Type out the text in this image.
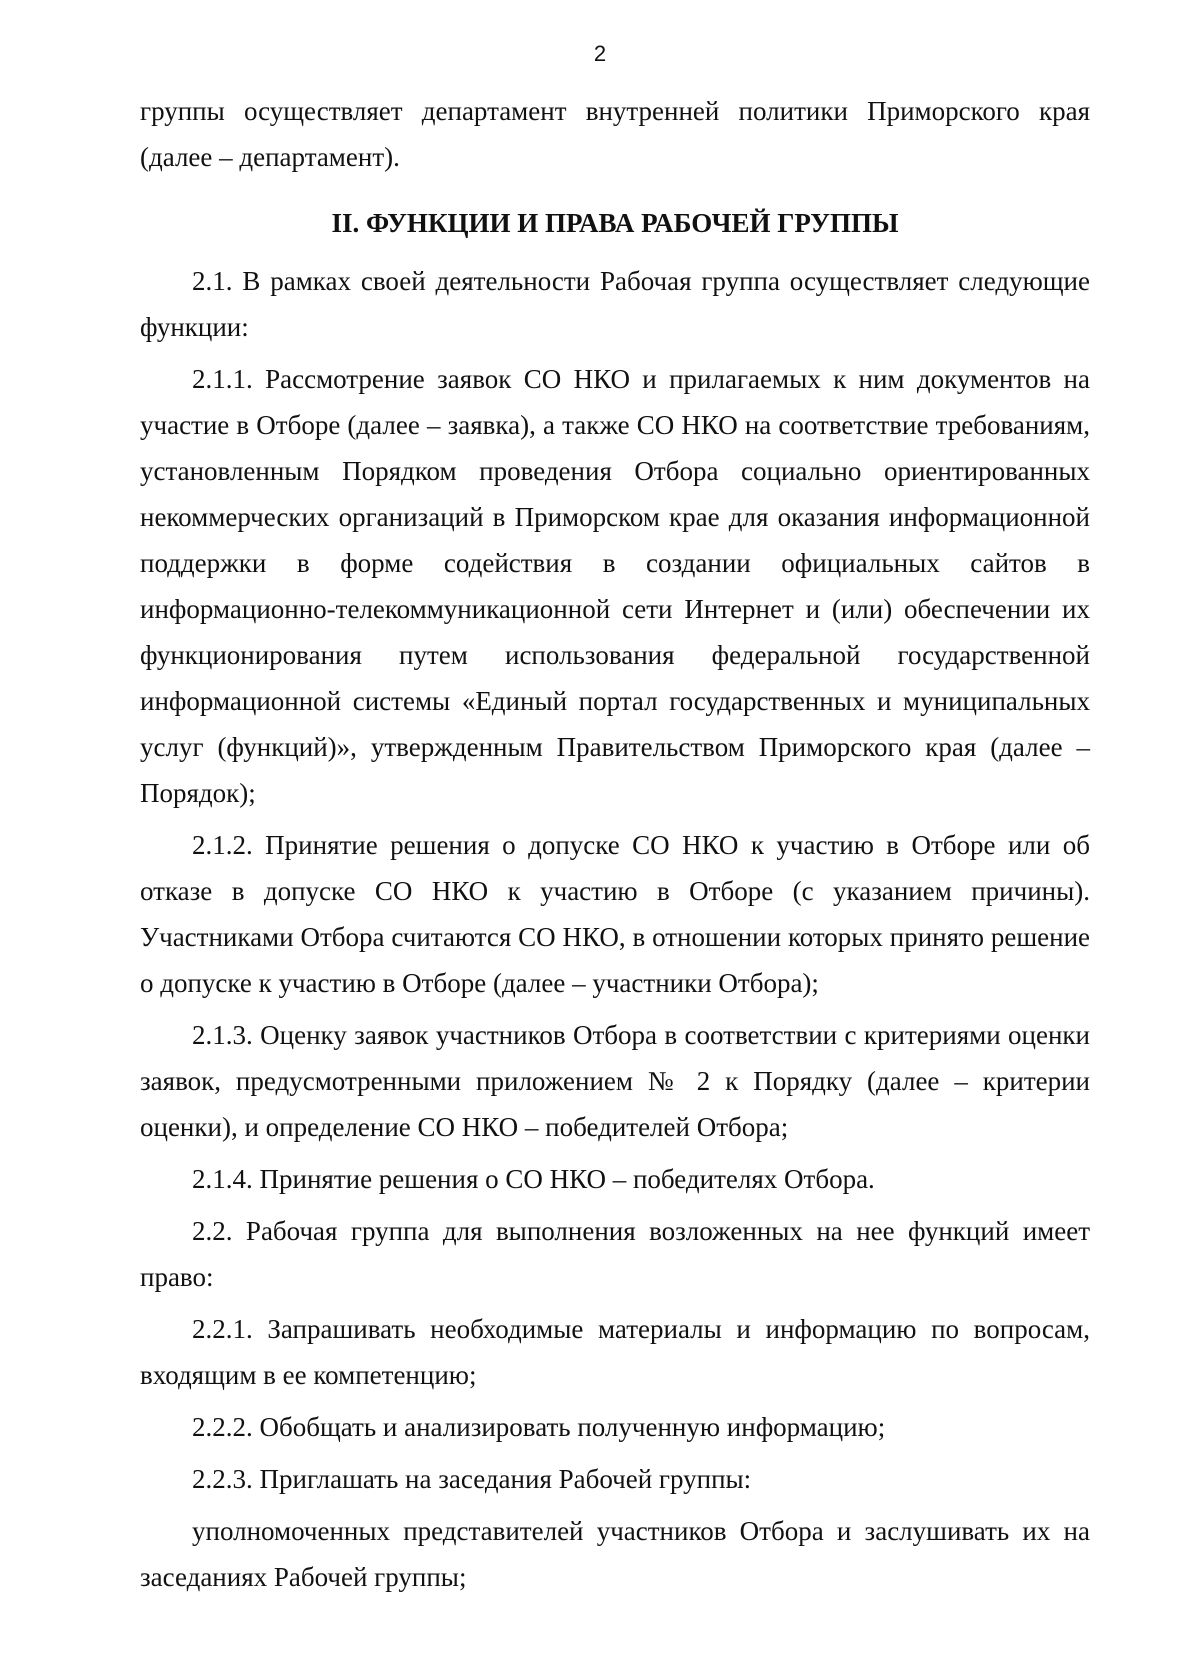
2

группы осуществляет департамент внутренней политики Приморского края (далее – департамент).

II. ФУНКЦИИ И ПРАВА РАБОЧЕЙ ГРУППЫ

2.1. В рамках своей деятельности Рабочая группа осуществляет следующие функции:

2.1.1. Рассмотрение заявок СО НКО и прилагаемых к ним документов на участие в Отборе (далее – заявка), а также СО НКО на соответствие требованиям, установленным Порядком проведения Отбора социально ориентированных некоммерческих организаций в Приморском крае для оказания информационной поддержки в форме содействия в создании официальных сайтов в информационно-телекоммуникационной сети Интернет и (или) обеспечении их функционирования путем использования федеральной государственной информационной системы «Единый портал государственных и муниципальных услуг (функций)», утвержденным Правительством Приморского края (далее – Порядок);

2.1.2. Принятие решения о допуске СО НКО к участию в Отборе или об отказе в допуске СО НКО к участию в Отборе (с указанием причины). Участниками Отбора считаются СО НКО, в отношении которых принято решение о допуске к участию в Отборе (далее – участники Отбора);

2.1.3. Оценку заявок участников Отбора в соответствии с критериями оценки заявок, предусмотренными приложением № 2 к Порядку (далее – критерии оценки), и определение СО НКО – победителей Отбора;

2.1.4. Принятие решения о СО НКО – победителях Отбора.

2.2. Рабочая группа для выполнения возложенных на нее функций имеет право:

2.2.1. Запрашивать необходимые материалы и информацию по вопросам, входящим в ее компетенцию;

2.2.2. Обобщать и анализировать полученную информацию;

2.2.3. Приглашать на заседания Рабочей группы:

уполномоченных представителей участников Отбора и заслушивать их на заседаниях Рабочей группы;
